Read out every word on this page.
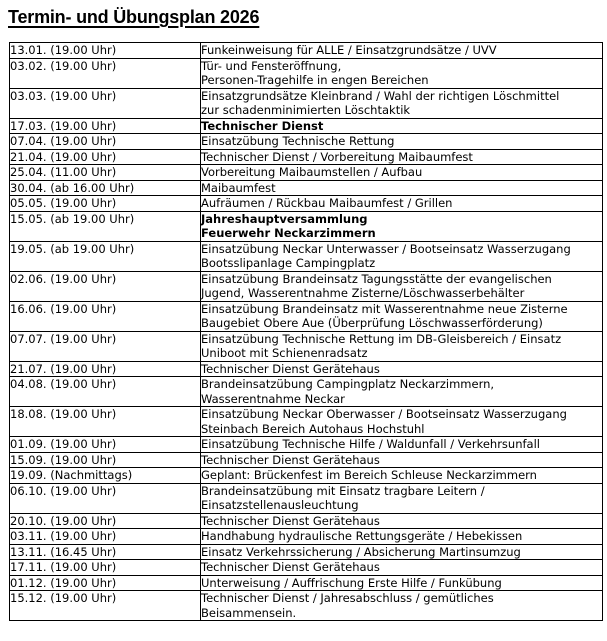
Termin- und Übungsplan 2026
13.01. (19.00 Uhr)	Funkeinweisung für ALLE / Einsatzgrundsätze / UVV

03.02. (19.00 Uhr)	Tür- und Fensteröffnung,
Personen-Tragehilfe in engen Bereichen

03.03. (19.00 Uhr)	Einsatzgrundsätze Kleinbrand / Wahl der richtigen Löschmittel
zur schadenminimierten Löschtaktik

17.03. (19.00 Uhr)	Technischer Dienst

07.04. (19.00 Uhr)	Einsatzübung Technische Rettung

21.04. (19.00 Uhr)	Technischer Dienst / Vorbereitung Maibaumfest

25.04. (11.00 Uhr)	Vorbereitung Maibaumstellen / Aufbau

30.04. (ab 16.00 Uhr)	Maibaumfest

05.05. (19.00 Uhr)	Aufräumen / Rückbau Maibaumfest / Grillen

15.05. (ab 19.00 Uhr)	Jahreshauptversammlung
Feuerwehr Neckarzimmern

19.05. (ab 19.00 Uhr)	Einsatzübung Neckar Unterwasser / Bootseinsatz Wasserzugang
Bootsslipanlage Campingplatz

02.06. (19.00 Uhr)	Einsatzübung Brandeinsatz Tagungsstätte der evangelischen
Jugend, Wasserentnahme Zisterne/Löschwasserbehälter

16.06. (19.00 Uhr)	Einsatzübung Brandeinsatz mit Wasserentnahme neue Zisterne
Baugebiet Obere Aue (Überprüfung Löschwasserförderung)

07.07. (19.00 Uhr)	Einsatzübung Technische Rettung im DB-Gleisbereich / Einsatz
Uniboot mit Schienenradsatz

21.07. (19.00 Uhr)	Technischer Dienst Gerätehaus

04.08. (19.00 Uhr)	Brandeinsatzübung Campingplatz Neckarzimmern,
Wasserentnahme Neckar

18.08. (19.00 Uhr)	Einsatzübung Neckar Oberwasser / Bootseinsatz Wasserzugang
Steinbach Bereich Autohaus Hochstuhl

01.09. (19.00 Uhr)	Einsatzübung Technische Hilfe / Waldunfall / Verkehrsunfall

15.09. (19.00 Uhr)	Technischer Dienst Gerätehaus

19.09. (Nachmittags)	Geplant: Brückenfest im Bereich Schleuse Neckarzimmern

06.10. (19.00 Uhr)	Brandeinsatzübung mit Einsatz tragbare Leitern /
Einsatzstellenausleuchtung

20.10. (19.00 Uhr)	Technischer Dienst Gerätehaus

03.11. (19.00 Uhr)	Handhabung hydraulische Rettungsgeräte / Hebekissen

13.11. (16.45 Uhr)	Einsatz Verkehrssicherung / Absicherung Martinsumzug

17.11. (19.00 Uhr)	Technischer Dienst Gerätehaus

01.12. (19.00 Uhr)	Unterweisung / Auffrischung Erste Hilfe / Funkübung

15.12. (19.00 Uhr)	Technischer Dienst / Jahresabschluss / gemütliches
Beisammensein.
